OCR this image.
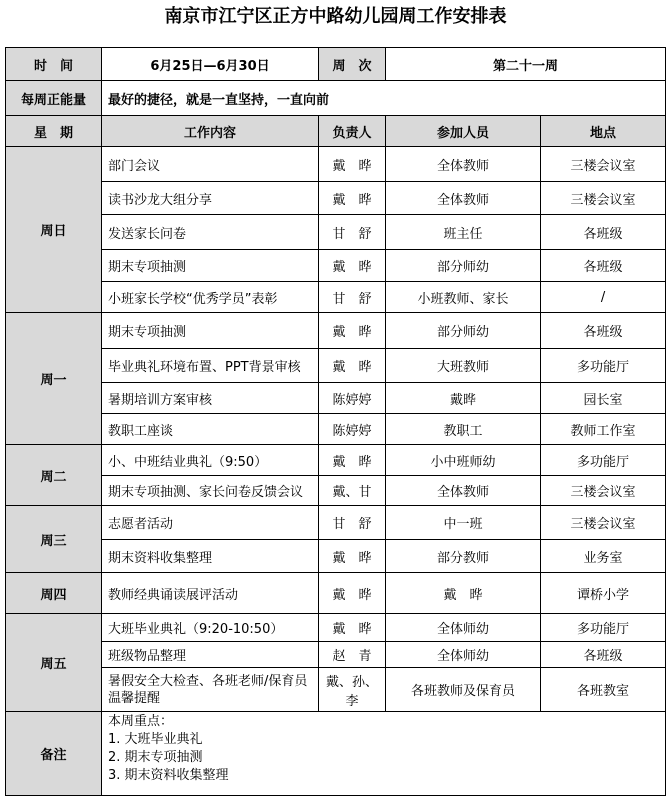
南京市江宁区正方中路幼儿园周工作安排表
时　间	6月25日—6月30日	周　次	第二十一周	
每周正能量	最好的捷径，就是一直坚持，一直向前			
星　期	工作内容	负责人	参加人员	地点
周日	部门会议	戴　晔	全体教师	三楼会议室
	读书沙龙大组分享	戴　晔	全体教师	三楼会议室
	发送家长问卷	甘　舒	班主任	各班级
	期末专项抽测	戴　晔	部分师幼	各班级
	小班家长学校“优秀学员”表彰	甘　舒	小班教师、家长	/
周一	期末专项抽测	戴　晔	部分师幼	各班级
	毕业典礼环境布置、PPT背景审核	戴　晔	大班教师	多功能厅
	暑期培训方案审核	陈婷婷	戴晔	园长室
	教职工座谈	陈婷婷	教职工	教师工作室
周二	小、中班结业典礼（9:50）	戴　晔	小中班师幼	多功能厅
	期末专项抽测、家长问卷反馈会议	戴、甘	全体教师	三楼会议室
周三	志愿者活动	甘　舒	中一班	三楼会议室
	期末资料收集整理	戴　晔	部分教师	业务室
周四	教师经典诵读展评活动	戴　晔	戴　晔	谭桥小学
周五	大班毕业典礼（9:20-10:50）	戴　晔	全体师幼	多功能厅
	班级物品整理	赵　青	全体师幼	各班级
	暑假安全大检查、各班老师/保育员温馨提醒	戴、孙、李	各班教师及保育员	各班教室
备注	本周重点：
1. 大班毕业典礼
2. 期末专项抽测
3. 期末资料收集整理			
